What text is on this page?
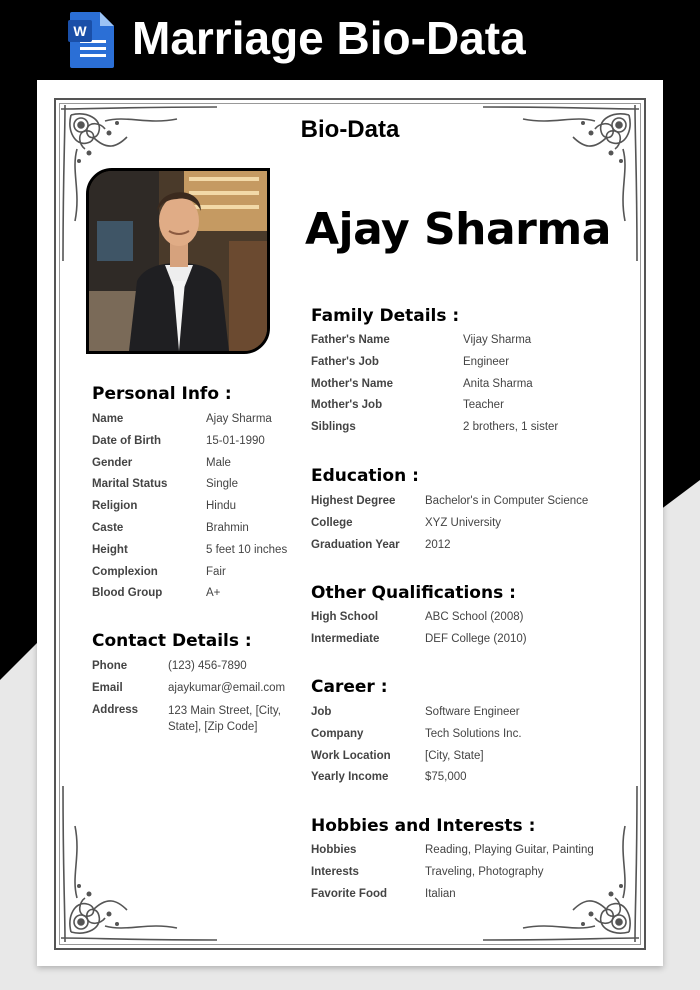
W Marriage Bio-Data
Bio-Data
Ajay Sharma
Personal Info :
Name	Ajay Sharma
Date of Birth	15-01-1990
Gender	Male
Marital Status	Single
Religion	Hindu
Caste	Brahmin
Height	5 feet 10 inches
Complexion	Fair
Blood Group	A+
Contact Details :
Phone	(123) 456-7890
Email	ajaykumar@email.com
Address	123 Main Street, [City, State], [Zip Code]
Family Details :
Father's Name	Vijay Sharma
Father's Job	Engineer
Mother's Name	Anita Sharma
Mother's Job	Teacher
Siblings	2 brothers, 1 sister
Education :
Highest Degree	Bachelor's in Computer Science
College	XYZ University
Graduation Year	2012
Other Qualifications :
High School	ABC School (2008)
Intermediate	DEF College (2010)
Career :
Job	Software Engineer
Company	Tech Solutions Inc.
Work Location	[City, State]
Yearly Income	$75,000
Hobbies and Interests :
Hobbies	Reading, Playing Guitar, Painting
Interests	Traveling, Photography
Favorite Food	Italian
